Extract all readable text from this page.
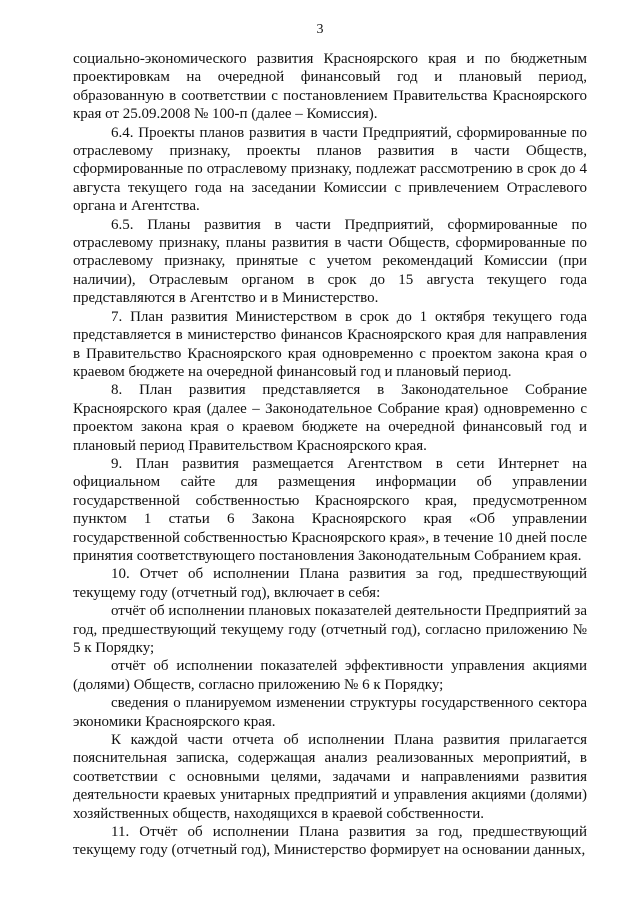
3

социально-экономического развития Красноярского края и по бюджетным проектировкам на очередной финансовый год и плановый период, образованную в соответствии с постановлением Правительства Красноярского края от 25.09.2008 № 100-п (далее – Комиссия).

6.4. Проекты планов развития в части Предприятий, сформированные по отраслевому признаку, проекты планов развития в части Обществ, сформированные по отраслевому признаку, подлежат рассмотрению в срок до 4 августа текущего года на заседании Комиссии с привлечением Отраслевого органа и Агентства.

6.5. Планы развития в части Предприятий, сформированные по отраслевому признаку, планы развития в части Обществ, сформированные по отраслевому признаку, принятые с учетом рекомендаций Комиссии (при наличии), Отраслевым органом в срок до 15 августа текущего года представляются в Агентство и в Министерство.

7. План развития Министерством в срок до 1 октября текущего года представляется в министерство финансов Красноярского края для направления в Правительство Красноярского края одновременно с проектом закона края о краевом бюджете на очередной финансовый год и плановый период.

8. План развития представляется в Законодательное Собрание Красноярского края (далее – Законодательное Собрание края) одновременно с проектом закона края о краевом бюджете на очередной финансовый год и плановый период Правительством Красноярского края.

9. План развития размещается Агентством в сети Интернет на официальном сайте для размещения информации об управлении государственной собственностью Красноярского края, предусмотренном пунктом 1 статьи 6 Закона Красноярского края «Об управлении государственной собственностью Красноярского края», в течение 10 дней после принятия соответствующего постановления Законодательным Собранием края.

10. Отчет об исполнении Плана развития за год, предшествующий текущему году (отчетный год), включает в себя:

отчёт об исполнении плановых показателей деятельности Предприятий за год, предшествующий текущему году (отчетный год), согласно приложению № 5 к Порядку;

отчёт об исполнении показателей эффективности управления акциями (долями) Обществ, согласно приложению № 6 к Порядку;

сведения о планируемом изменении структуры государственного сектора экономики Красноярского края.

К каждой части отчета об исполнении Плана развития прилагается пояснительная записка, содержащая анализ реализованных мероприятий, в соответствии с основными целями, задачами и направлениями развития деятельности краевых унитарных предприятий и управления акциями (долями) хозяйственных обществ, находящихся в краевой собственности.

11. Отчёт об исполнении Плана развития за год, предшествующий текущему году (отчетный год), Министерство формирует на основании данных,
